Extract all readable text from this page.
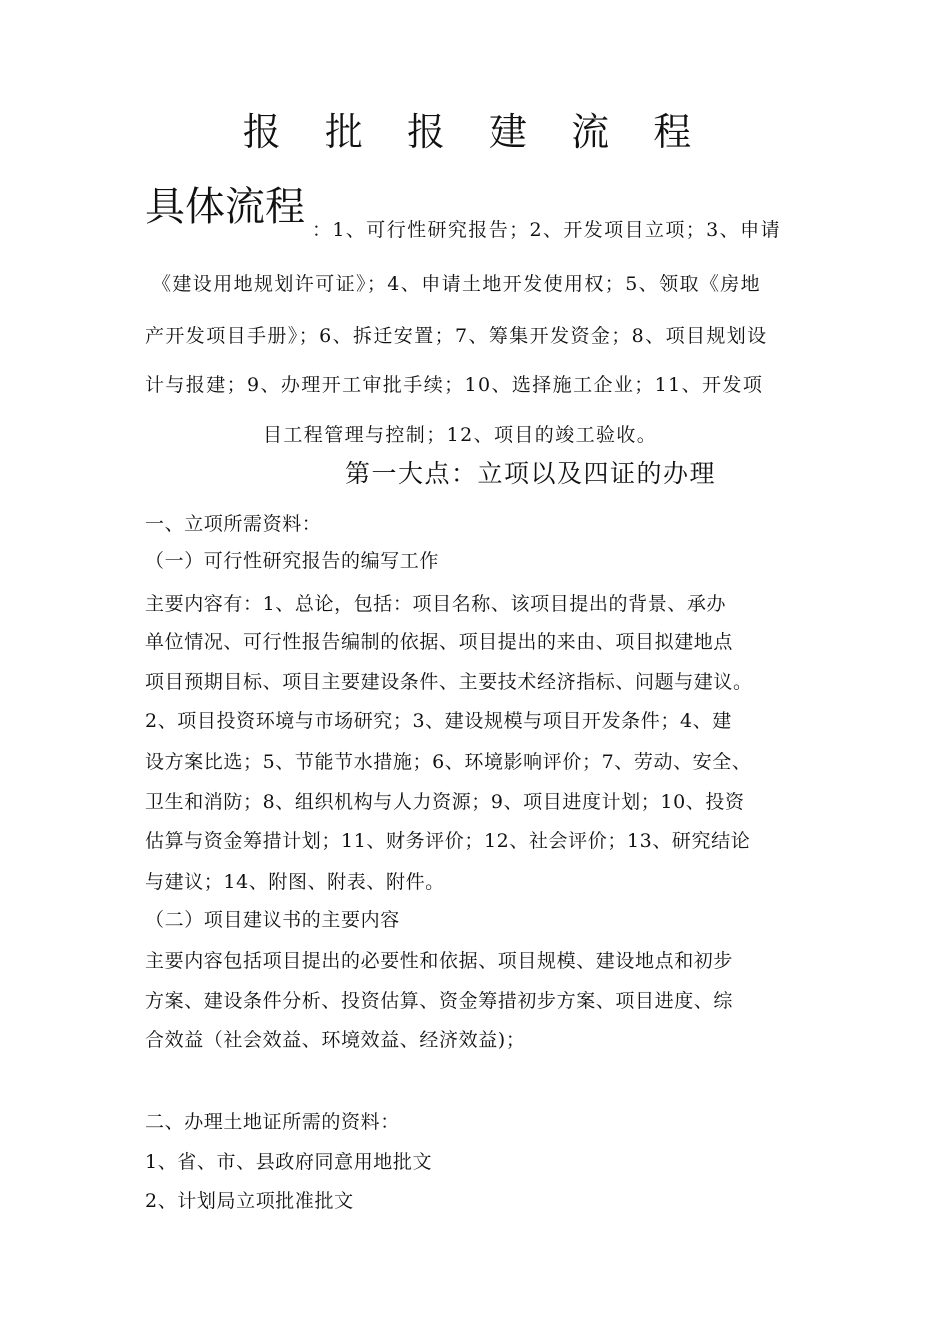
报 批 报 建 流 程
具体流程 ：1、可行性研究报告；2、开发项目立项；3、申请
《建设用地规划许可证》；4、申请土地开发使用权；5、领取《房地
产开发项目手册》；6、拆迁安置；7、筹集开发资金；8、项目规划设
计与报建；9、办理开工审批手续；10、选择施工企业；11、开发项
目工程管理与控制；12、项目的竣工验收。
第一大点：立项以及四证的办理
一、立项所需资料：
（一）可行性研究报告的编写工作
主要内容有：1、总论，包括：项目名称、该项目提出的背景、承办
单位情况、可行性报告编制的依据、项目提出的来由、项目拟建地点
项目预期目标、项目主要建设条件、主要技术经济指标、问题与建议。
2、项目投资环境与市场研究；3、建设规模与项目开发条件；4、建
设方案比选；5、节能节水措施；6、环境影响评价；7、劳动、安全、
卫生和消防；8、组织机构与人力资源；9、项目进度计划；10、投资
估算与资金筹措计划；11、财务评价；12、社会评价；13、研究结论
与建议；14、附图、附表、附件。
（二）项目建议书的主要内容
主要内容包括项目提出的必要性和依据、项目规模、建设地点和初步
方案、建设条件分析、投资估算、资金筹措初步方案、项目进度、综
合效益（社会效益、环境效益、经济效益)；
二、办理土地证所需的资料：
1、省、市、县政府同意用地批文
2、计划局立项批准批文
